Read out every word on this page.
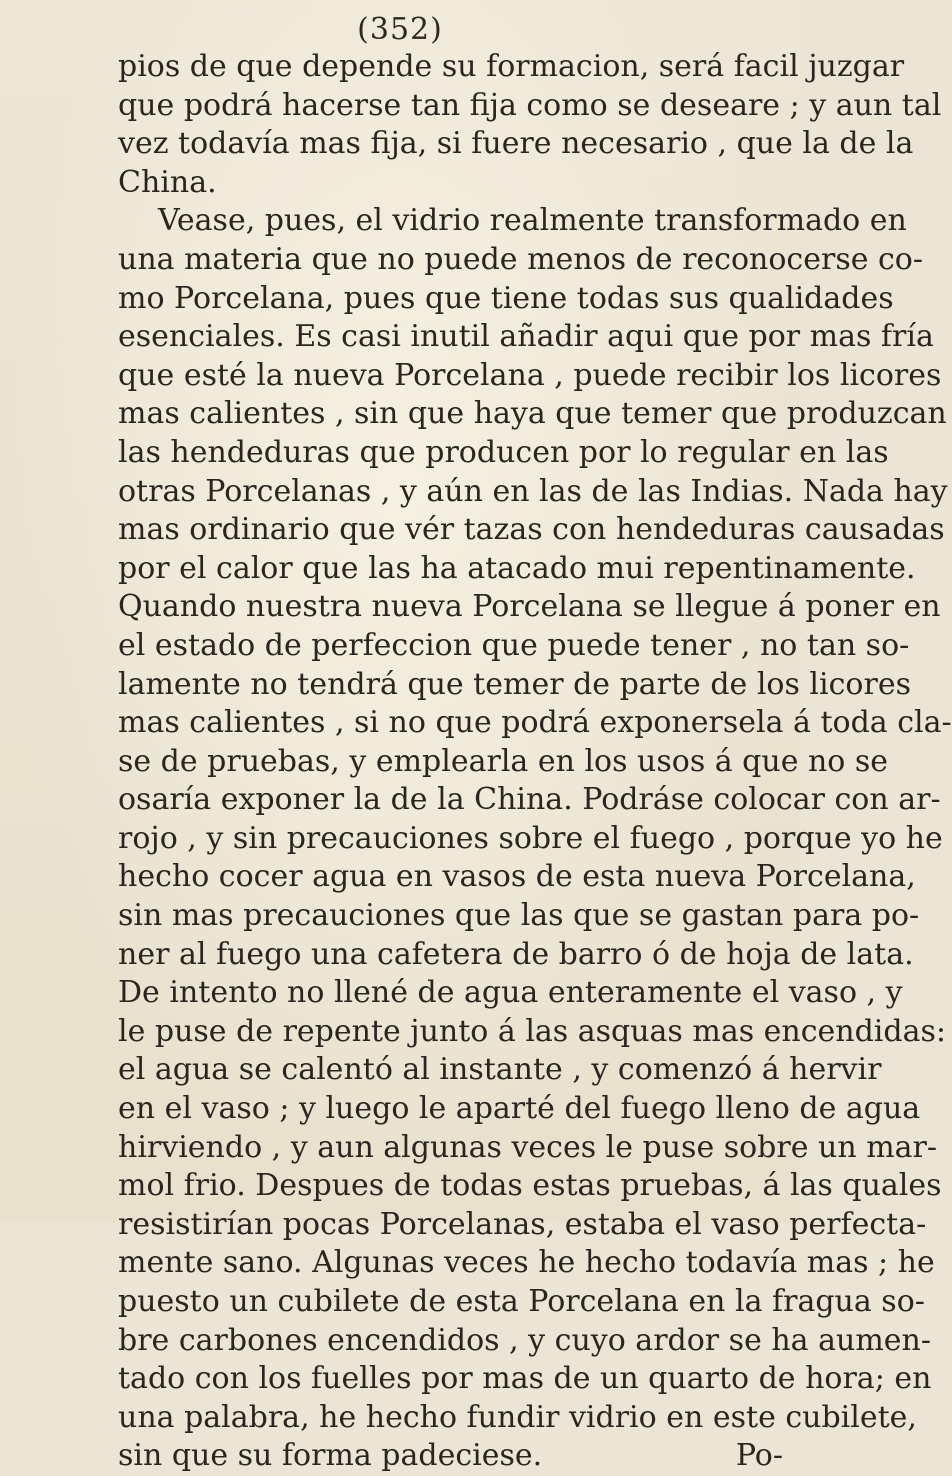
(352)
pios de que depende su formacion, será facil juzgar
que podrá hacerse tan fija como se deseare ; y aun tal
vez todavía mas fija, si fuere necesario , que la de la
China.
Vease, pues, el vidrio realmente transformado en
una materia que no puede menos de reconocerse co-
mo Porcelana, pues que tiene todas sus qualidades
esenciales. Es casi inutil añadir aqui que por mas fría
que esté la nueva Porcelana , puede recibir los licores
mas calientes , sin que haya que temer que produzcan
las hendeduras que producen por lo regular en las
otras Porcelanas , y aún en las de las Indias. Nada hay
mas ordinario que vér tazas con hendeduras causadas
por el calor que las ha atacado mui repentinamente.
Quando nuestra nueva Porcelana se llegue á poner en
el estado de perfeccion que puede tener , no tan so-
lamente no tendrá que temer de parte de los licores
mas calientes , si no que podrá exponersela á toda cla-
se de pruebas, y emplearla en los usos á que no se
osaría exponer la de la China. Podráse colocar con ar-
rojo , y sin precauciones sobre el fuego , porque yo he
hecho cocer agua en vasos de esta nueva Porcelana,
sin mas precauciones que las que se gastan para po-
ner al fuego una cafetera de barro ó de hoja de lata.
De intento no llené de agua enteramente el vaso , y
le puse de repente junto á las asquas mas encendidas:
el agua se calentó al instante , y comenzó á hervir
en el vaso ; y luego le aparté del fuego lleno de agua
hirviendo , y aun algunas veces le puse sobre un mar-
mol frio. Despues de todas estas pruebas, á las quales
resistirían pocas Porcelanas, estaba el vaso perfecta-
mente sano. Algunas veces he hecho todavía mas ; he
puesto un cubilete de esta Porcelana en la fragua so-
bre carbones encendidos , y cuyo ardor se ha aumen-
tado con los fuelles por mas de un quarto de hora; en
una palabra, he hecho fundir vidrio en este cubilete,
sin que su forma padeciese.	Po-
